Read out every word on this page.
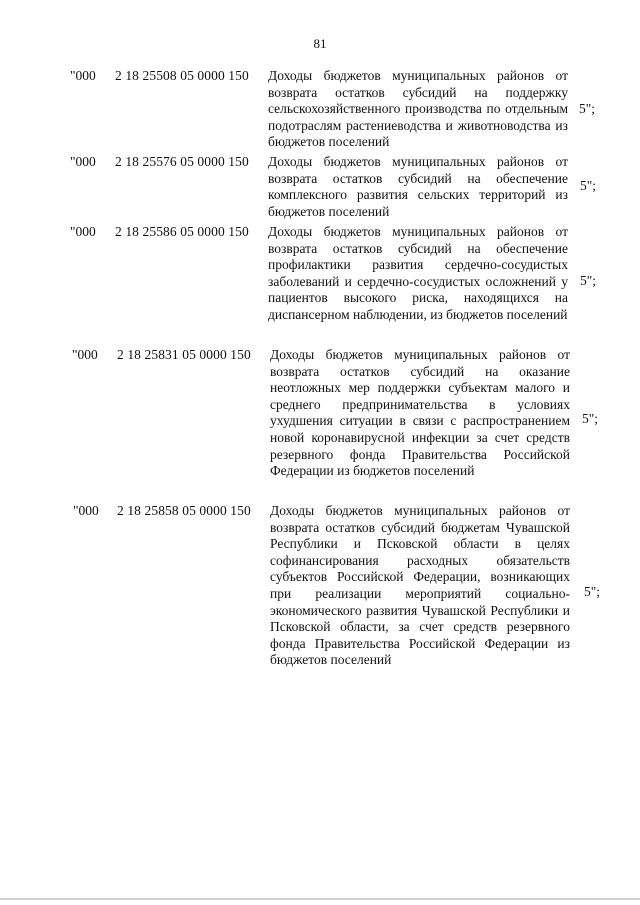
81
"000 2 18 25508 05 0000 150 Доходы бюджетов муниципальных районов от возврата остатков субсидий на поддержку сельскохозяйственного производства по отдельным подотраслям растениеводства и животноводства из бюджетов поселений
5";
"000 2 18 25576 05 0000 150 Доходы бюджетов муниципальных районов от возврата остатков субсидий на обеспечение комплексного развития сельских территорий из бюджетов поселений
5";
"000 2 18 25586 05 0000 150 Доходы бюджетов муниципальных районов от возврата остатков субсидий на обеспечение профилактики развития сердечно-сосудистых заболеваний и сердечно-сосудистых осложнений у пациентов высокого риска, находящихся на диспансерном наблюдении, из бюджетов поселений
5";
"000 2 18 25831 05 0000 150 Доходы бюджетов муниципальных районов от возврата остатков субсидий на оказание неотложных мер поддержки субъектам малого и среднего предпринимательства в условиях ухудшения ситуации в связи с распространением новой коронавирусной инфекции за счет средств резервного фонда Правительства Российской Федерации из бюджетов поселений
5";
"000 2 18 25858 05 0000 150 Доходы бюджетов муниципальных районов от возврата остатков субсидий бюджетам Чувашской Республики и Псковской области в целях софинансирования расходных обязательств субъектов Российской Федерации, возникающих при реализации мероприятий социально-экономического развития Чувашской Республики и Псковской области, за счет средств резервного фонда Правительства Российской Федерации из бюджетов поселений
5";
